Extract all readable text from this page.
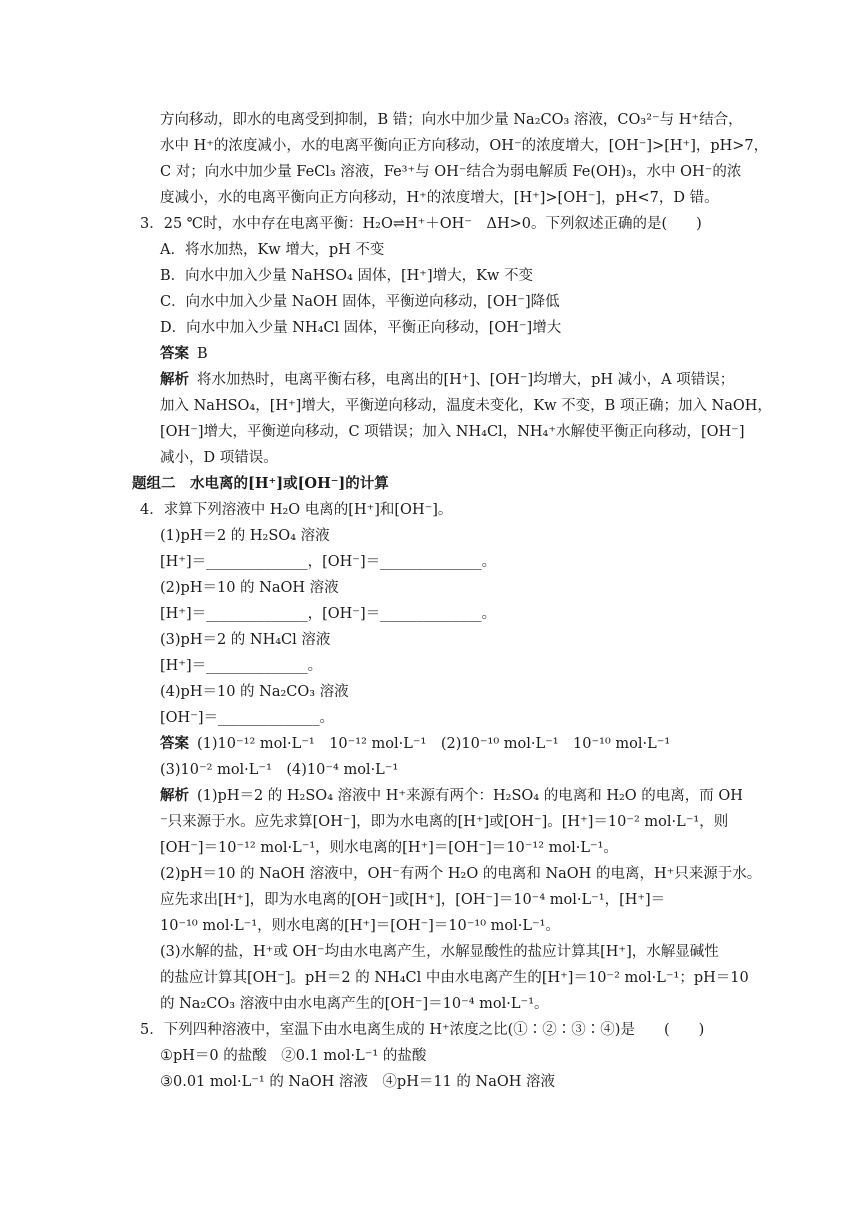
方向移动，即水的电离受到抑制，B 错；向水中加少量 Na₂CO₃ 溶液，CO₃²⁻与 H⁺结合，
水中 H⁺的浓度减小，水的电离平衡向正方向移动，OH⁻的浓度增大，[OH⁻]>[H⁺]，pH>7，
C 对；向水中加少量 FeCl₃ 溶液，Fe³⁺与 OH⁻结合为弱电解质 Fe(OH)₃，水中 OH⁻的浓
度减小，水的电离平衡向正方向移动，H⁺的浓度增大，[H⁺]>[OH⁻]，pH<7，D 错。
3．25 ℃时，水中存在电离平衡：H₂O⇌H⁺＋OH⁻　ΔH>0。下列叙述正确的是(　　)
A．将水加热，Kw 增大，pH 不变
B．向水中加入少量 NaHSO₄ 固体，[H⁺]增大，Kw 不变
C．向水中加入少量 NaOH 固体，平衡逆向移动，[OH⁻]降低
D．向水中加入少量 NH₄Cl 固体，平衡正向移动，[OH⁻]增大
答案 B
解析 将水加热时，电离平衡右移，电离出的[H⁺]、[OH⁻]均增大，pH 减小，A 项错误；
加入 NaHSO₄，[H⁺]增大，平衡逆向移动，温度未变化，Kw 不变，B 项正确；加入 NaOH，
[OH⁻]增大，平衡逆向移动，C 项错误；加入 NH₄Cl，NH₄⁺水解使平衡正向移动，[OH⁻]
减小，D 项错误。
题组二　水电离的[H⁺]或[OH⁻]的计算
4．求算下列溶液中 H₂O 电离的[H⁺]和[OH⁻]。
(1)pH＝2 的 H₂SO₄ 溶液
[H⁺]＝______________，[OH⁻]＝______________。
(2)pH＝10 的 NaOH 溶液
[H⁺]＝______________，[OH⁻]＝______________。
(3)pH＝2 的 NH₄Cl 溶液
[H⁺]＝______________。
(4)pH＝10 的 Na₂CO₃ 溶液
[OH⁻]＝______________。
答案 (1)10⁻¹² mol·L⁻¹　10⁻¹² mol·L⁻¹　(2)10⁻¹⁰ mol·L⁻¹　10⁻¹⁰ mol·L⁻¹
(3)10⁻² mol·L⁻¹　(4)10⁻⁴ mol·L⁻¹
解析 (1)pH＝2 的 H₂SO₄ 溶液中 H⁺来源有两个：H₂SO₄ 的电离和 H₂O 的电离，而 OH
⁻只来源于水。应先求算[OH⁻]，即为水电离的[H⁺]或[OH⁻]。[H⁺]＝10⁻² mol·L⁻¹，则
[OH⁻]＝10⁻¹² mol·L⁻¹，则水电离的[H⁺]＝[OH⁻]＝10⁻¹² mol·L⁻¹。
(2)pH＝10 的 NaOH 溶液中，OH⁻有两个 H₂O 的电离和 NaOH 的电离，H⁺只来源于水。
应先求出[H⁺]，即为水电离的[OH⁻]或[H⁺]，[OH⁻]＝10⁻⁴ mol·L⁻¹，[H⁺]＝
10⁻¹⁰ mol·L⁻¹，则水电离的[H⁺]＝[OH⁻]＝10⁻¹⁰ mol·L⁻¹。
(3)水解的盐，H⁺或 OH⁻均由水电离产生，水解显酸性的盐应计算其[H⁺]，水解显碱性
的盐应计算其[OH⁻]。pH＝2 的 NH₄Cl 中由水电离产生的[H⁺]＝10⁻² mol·L⁻¹；pH＝10
的 Na₂CO₃ 溶液中由水电离产生的[OH⁻]＝10⁻⁴ mol·L⁻¹。
5．下列四种溶液中，室温下由水电离生成的 H⁺浓度之比(①∶②∶③∶④)是　　(　　)
①pH＝0 的盐酸　②0.1 mol·L⁻¹ 的盐酸
③0.01 mol·L⁻¹ 的 NaOH 溶液　④pH＝11 的 NaOH 溶液
